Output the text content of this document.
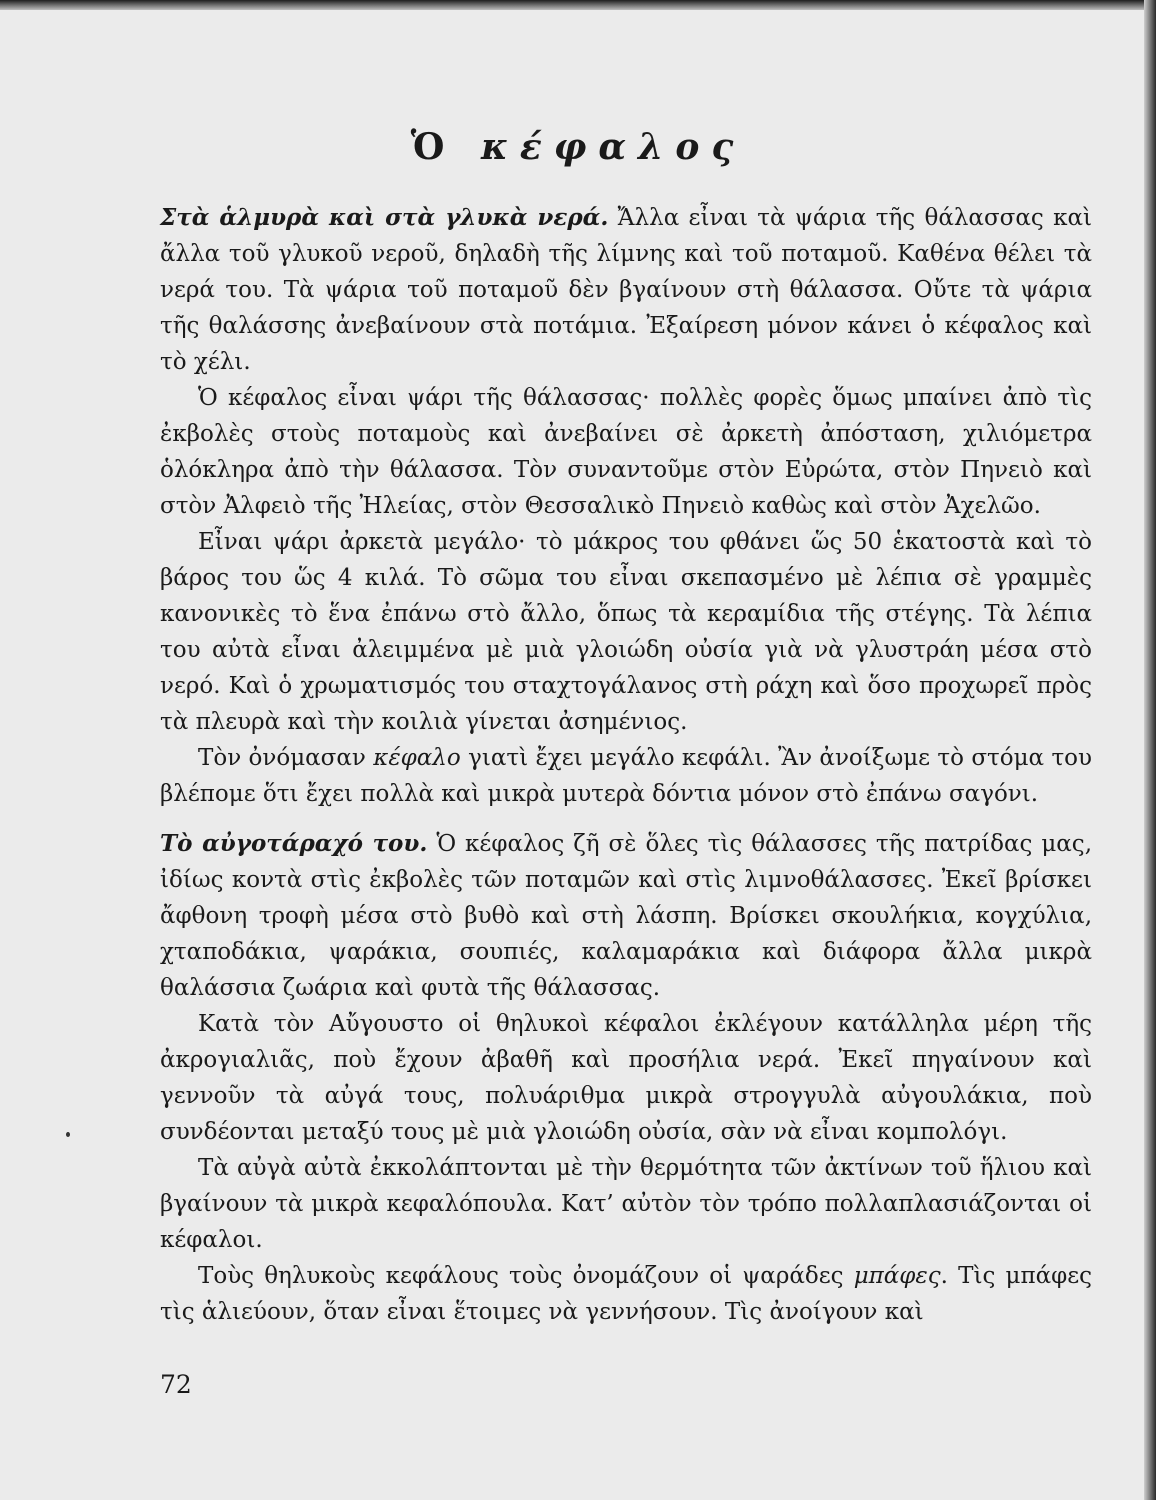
Ὁ κέφαλος

Στὰ ἁλμυρὰ καὶ στὰ γλυκὰ νερά. Ἄλλα εἶναι τὰ ψάρια τῆς θάλασσας καὶ ἄλλα τοῦ γλυκοῦ νεροῦ, δηλαδὴ τῆς λίμνης καὶ τοῦ ποταμοῦ. Καθένα θέλει τὰ νερά του. Τὰ ψάρια τοῦ ποταμοῦ δὲν βγαίνουν στὴ θάλασσα. Οὔτε τὰ ψάρια τῆς θαλάσσης ἀνεβαίνουν στὰ ποτάμια. Ἐξαίρεση μόνον κάνει ὁ κέφαλος καὶ τὸ χέλι.

Ὁ κέφαλος εἶναι ψάρι τῆς θάλασσας· πολλὲς φορὲς ὅμως μπαίνει ἀπὸ τὶς ἐκβολὲς στοὺς ποταμοὺς καὶ ἀνεβαίνει σὲ ἀρκετὴ ἀπόσταση, χιλιόμετρα ὁλόκληρα ἀπὸ τὴν θάλασσα. Τὸν συναντοῦμε στὸν Εὐρώτα, στὸν Πηνειὸ καὶ στὸν Ἀλφειὸ τῆς Ἠλείας, στὸν Θεσσαλικὸ Πηνειὸ καθὼς καὶ στὸν Ἀχελῶο.

Εἶναι ψάρι ἀρκετὰ μεγάλο· τὸ μάκρος του φθάνει ὥς 50 ἑκατοστὰ καὶ τὸ βάρος του ὥς 4 κιλά. Τὸ σῶμα του εἶναι σκεπασμένο μὲ λέπια σὲ γραμμὲς κανονικὲς τὸ ἕνα ἐπάνω στὸ ἄλλο, ὅπως τὰ κεραμίδια τῆς στέγης. Τὰ λέπια του αὐτὰ εἶναι ἀλειμμένα μὲ μιὰ γλοιώδη οὐσία γιὰ νὰ γλυστράη μέσα στὸ νερό. Καὶ ὁ χρωματισμός του σταχτογάλανος στὴ ράχη καὶ ὅσο προχωρεῖ πρὸς τὰ πλευρὰ καὶ τὴν κοιλιὰ γίνεται ἀσημένιος.

Τὸν ὀνόμασαν κέφαλο γιατὶ ἔχει μεγάλο κεφάλι. Ἂν ἀνοίξωμε τὸ στόμα του βλέπομε ὅτι ἔχει πολλὰ καὶ μικρὰ μυτερὰ δόντια μόνον στὸ ἐπάνω σαγόνι.

Τὸ αὐγοτάραχό του. Ὁ κέφαλος ζῆ σὲ ὅλες τὶς θάλασσες τῆς πατρίδας μας, ἰδίως κοντὰ στὶς ἐκβολὲς τῶν ποταμῶν καὶ στὶς λιμνοθάλασσες. Ἐκεῖ βρίσκει ἄφθονη τροφὴ μέσα στὸ βυθὸ καὶ στὴ λάσπη. Βρίσκει σκουλήκια, κογχύλια, χταποδάκια, ψαράκια, σουπιές, καλαμαράκια καὶ διάφορα ἄλλα μικρὰ θαλάσσια ζωάρια καὶ φυτὰ τῆς θάλασσας.

Κατὰ τὸν Αὔγουστο οἱ θηλυκοὶ κέφαλοι ἐκλέγουν κατάλληλα μέρη τῆς ἀκρογιαλιᾶς, ποὺ ἔχουν ἀβαθῆ καὶ προσήλια νερά. Ἐκεῖ πηγαίνουν καὶ γεννοῦν τὰ αὐγά τους, πολυάριθμα μικρὰ στρογγυλὰ αὐγουλάκια, ποὺ συνδέονται μεταξύ τους μὲ μιὰ γλοιώδη οὐσία, σὰν νὰ εἶναι κομπολόγι.

Τὰ αὐγὰ αὐτὰ ἐκκολάπτονται μὲ τὴν θερμότητα τῶν ἀκτίνων τοῦ ἥλιου καὶ βγαίνουν τὰ μικρὰ κεφαλόπουλα. Κατ’ αὐτὸν τὸν τρόπο πολλαπλασιάζονται οἱ κέφαλοι.

Τοὺς θηλυκοὺς κεφάλους τοὺς ὀνομάζουν οἱ ψαράδες μπάφες. Τὶς μπάφες τὶς ἁλιεύουν, ὅταν εἶναι ἕτοιμες νὰ γεννήσουν. Τὶς ἀνοίγουν καὶ

72
